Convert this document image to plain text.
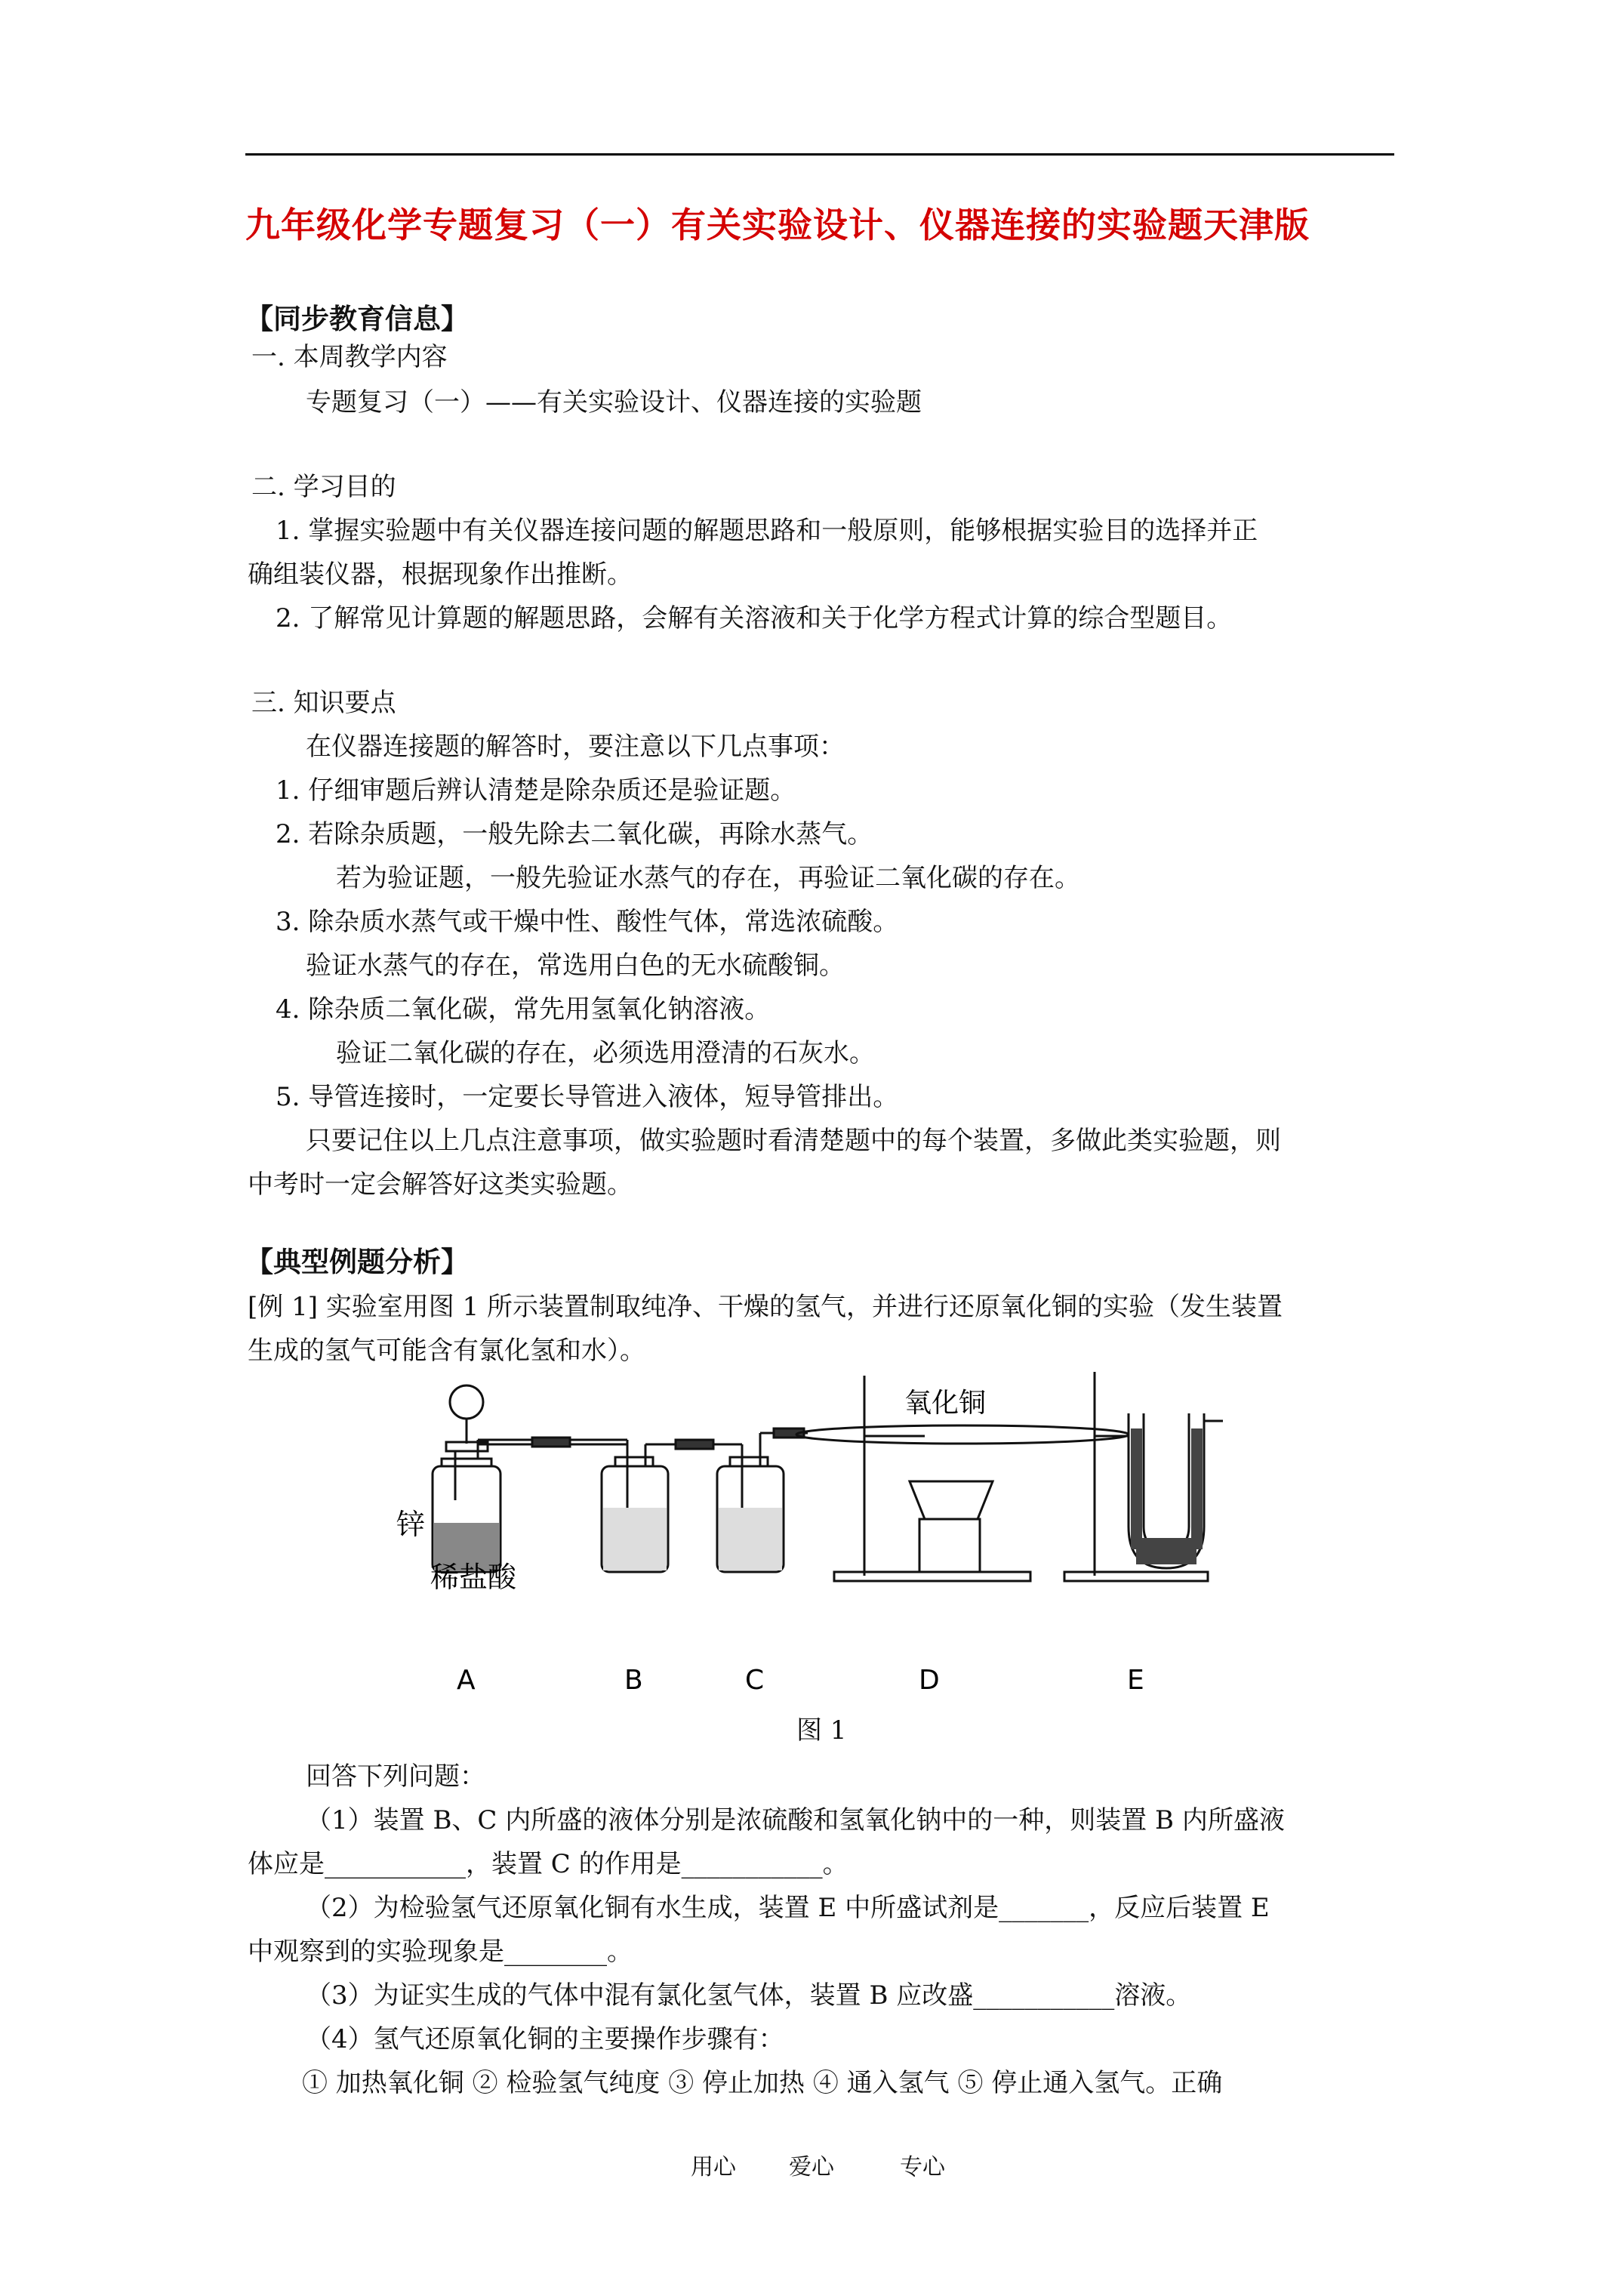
九年级化学专题复习（一）有关实验设计、仪器连接的实验题天津版
【同步教育信息】
一. 本周教学内容
专题复习（一）——有关实验设计、仪器连接的实验题
二. 学习目的
1. 掌握实验题中有关仪器连接问题的解题思路和一般原则，能够根据实验目的选择并正
确组装仪器，根据现象作出推断。
2. 了解常见计算题的解题思路，会解有关溶液和关于化学方程式计算的综合型题目。
三. 知识要点
在仪器连接题的解答时，要注意以下几点事项：
1. 仔细审题后辨认清楚是除杂质还是验证题。
2. 若除杂质题，一般先除去二氧化碳，再除水蒸气。
若为验证题，一般先验证水蒸气的存在，再验证二氧化碳的存在。
3. 除杂质水蒸气或干燥中性、酸性气体，常选浓硫酸。
验证水蒸气的存在，常选用白色的无水硫酸铜。
4. 除杂质二氧化碳，常先用氢氧化钠溶液。
验证二氧化碳的存在，必须选用澄清的石灰水。
5. 导管连接时，一定要长导管进入液体，短导管排出。
只要记住以上几点注意事项，做实验题时看清楚题中的每个装置，多做此类实验题，则
中考时一定会解答好这类实验题。
【典型例题分析】
[例 1] 实验室用图 1 所示装置制取纯净、干燥的氢气，并进行还原氧化铜的实验（发生装置
生成的氢气可能含有氯化氢和水）。
锌
稀盐酸
氧化铜
A	B	C	D	E
图 1
回答下列问题：
（1）装置 B、C 内所盛的液体分别是浓硫酸和氢氧化钠中的一种，则装置 B 内所盛液
体应是___________，装置 C 的作用是___________。
（2）为检验氢气还原氧化铜有水生成，装置 E 中所盛试剂是_______，反应后装置 E
中观察到的实验现象是________。
（3）为证实生成的气体中混有氯化氢气体，装置 B 应改盛___________溶液。
（4）氢气还原氧化铜的主要操作步骤有：
① 加热氧化铜 ② 检验氢气纯度 ③ 停止加热 ④ 通入氢气 ⑤ 停止通入氢气。正确
用心 爱心	专心
